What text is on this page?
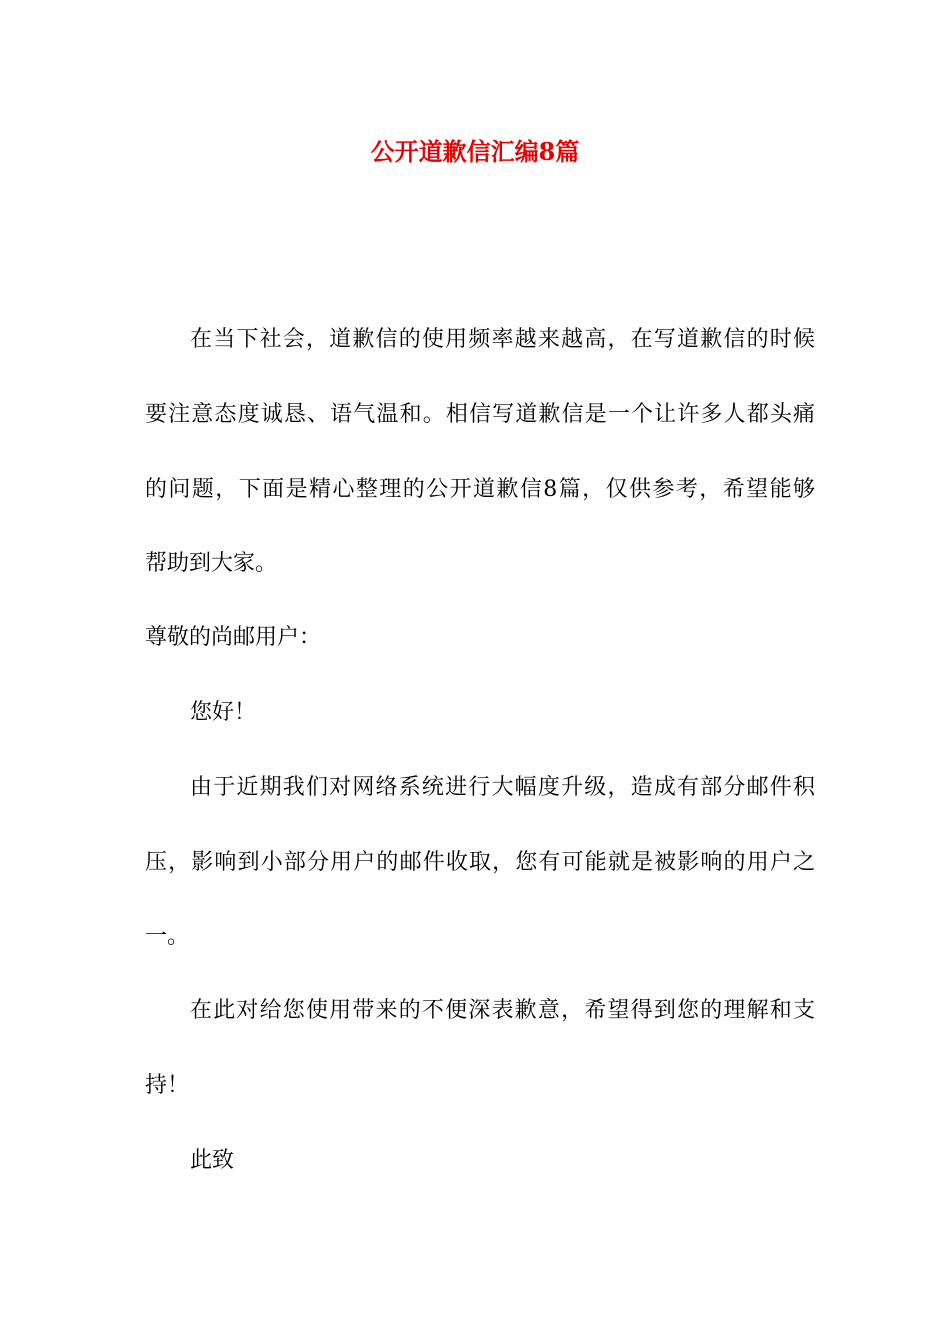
公开道歉信汇编8篇
在当下社会，道歉信的使用频率越来越高，在写道歉信的时候
要注意态度诚恳、语气温和。相信写道歉信是一个让许多人都头痛
的问题，下面是精心整理的公开道歉信8篇，仅供参考，希望能够
帮助到大家。
尊敬的尚邮用户：
您好！
由于近期我们对网络系统进行大幅度升级，造成有部分邮件积
压，影响到小部分用户的邮件收取，您有可能就是被影响的用户之
一。
在此对给您使用带来的不便深表歉意，希望得到您的理解和支
持！
此致
